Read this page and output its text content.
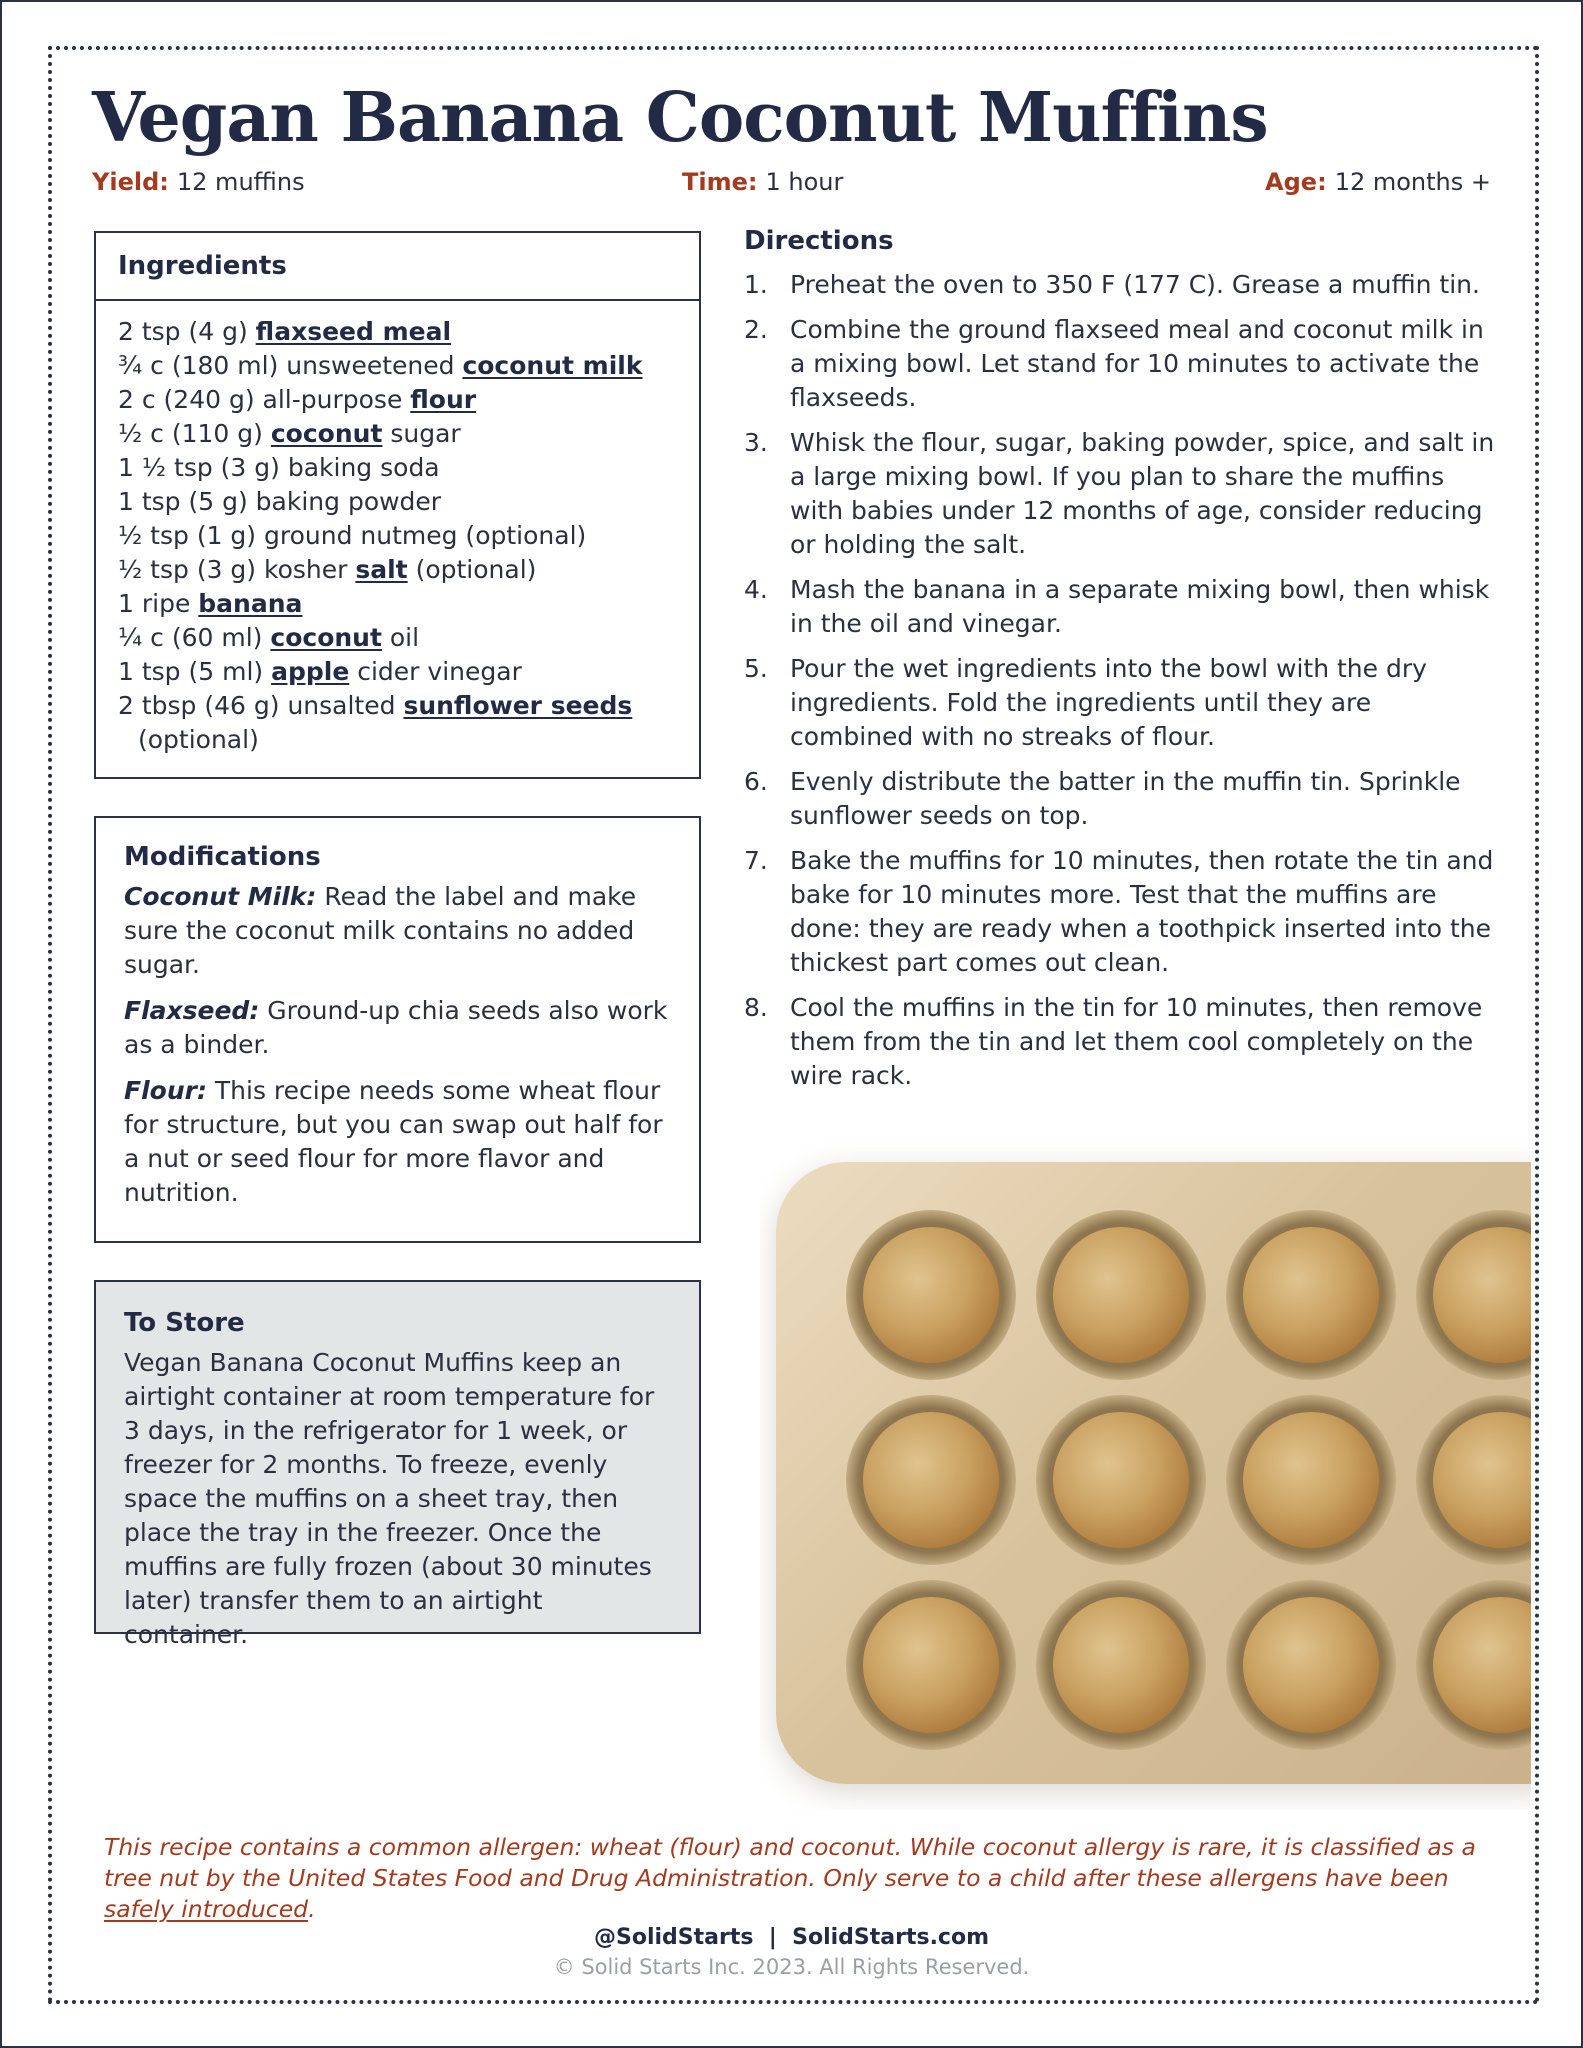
Vegan Banana Coconut Muffins
Yield: 12 muffins	Time: 1 hour	Age: 12 months +
Ingredients
2 tsp (4 g) flaxseed meal
¾ c (180 ml) unsweetened coconut milk
2 c (240 g) all-purpose flour
½ c (110 g) coconut sugar
1 ½ tsp (3 g) baking soda
1 tsp (5 g) baking powder
½ tsp (1 g) ground nutmeg (optional)
½ tsp (3 g) kosher salt (optional)
1 ripe banana
¼ c (60 ml) coconut oil
1 tsp (5 ml) apple cider vinegar
2 tbsp (46 g) unsalted sunflower seeds
(optional)
Modifications

Coconut Milk: Read the label and make sure the coconut milk contains no added sugar.

Flaxseed: Ground-up chia seeds also work as a binder.

Flour: This recipe needs some wheat flour for structure, but you can swap out half for a nut or seed flour for more flavor and nutrition.

To Store

Vegan Banana Coconut Muffins keep an airtight container at room temperature for 3 days, in the refrigerator for 1 week, or freezer for 2 months. To freeze, evenly space the muffins on a sheet tray, then place the tray in the freezer. Once the muffins are fully frozen (about 30 minutes later) transfer them to an airtight container.

Directions
1. Preheat the oven to 350 F (177 C). Grease a muffin tin.
2. Combine the ground flaxseed meal and coconut milk in a mixing bowl. Let stand for 10 minutes to activate the flaxseeds.
3. Whisk the flour, sugar, baking powder, spice, and salt in a large mixing bowl. If you plan to share the muffins with babies under 12 months of age, consider reducing or holding the salt.
4. Mash the banana in a separate mixing bowl, then whisk in the oil and vinegar.
5. Pour the wet ingredients into the bowl with the dry ingredients. Fold the ingredients until they are combined with no streaks of flour.
6. Evenly distribute the batter in the muffin tin. Sprinkle sunflower seeds on top.
7. Bake the muffins for 10 minutes, then rotate the tin and bake for 10 minutes more. Test that the muffins are done: they are ready when a toothpick inserted into the thickest part comes out clean.
8. Cool the muffins in the tin for 10 minutes, then remove them from the tin and let them cool completely on the wire rack.

This recipe contains a common allergen: wheat (flour) and coconut. While coconut allergy is rare, it is classified as a tree nut by the United States Food and Drug Administration. Only serve to a child after these allergens have been safely introduced.

@SolidStarts  |  SolidStarts.com
© Solid Starts Inc. 2023. All Rights Reserved.
